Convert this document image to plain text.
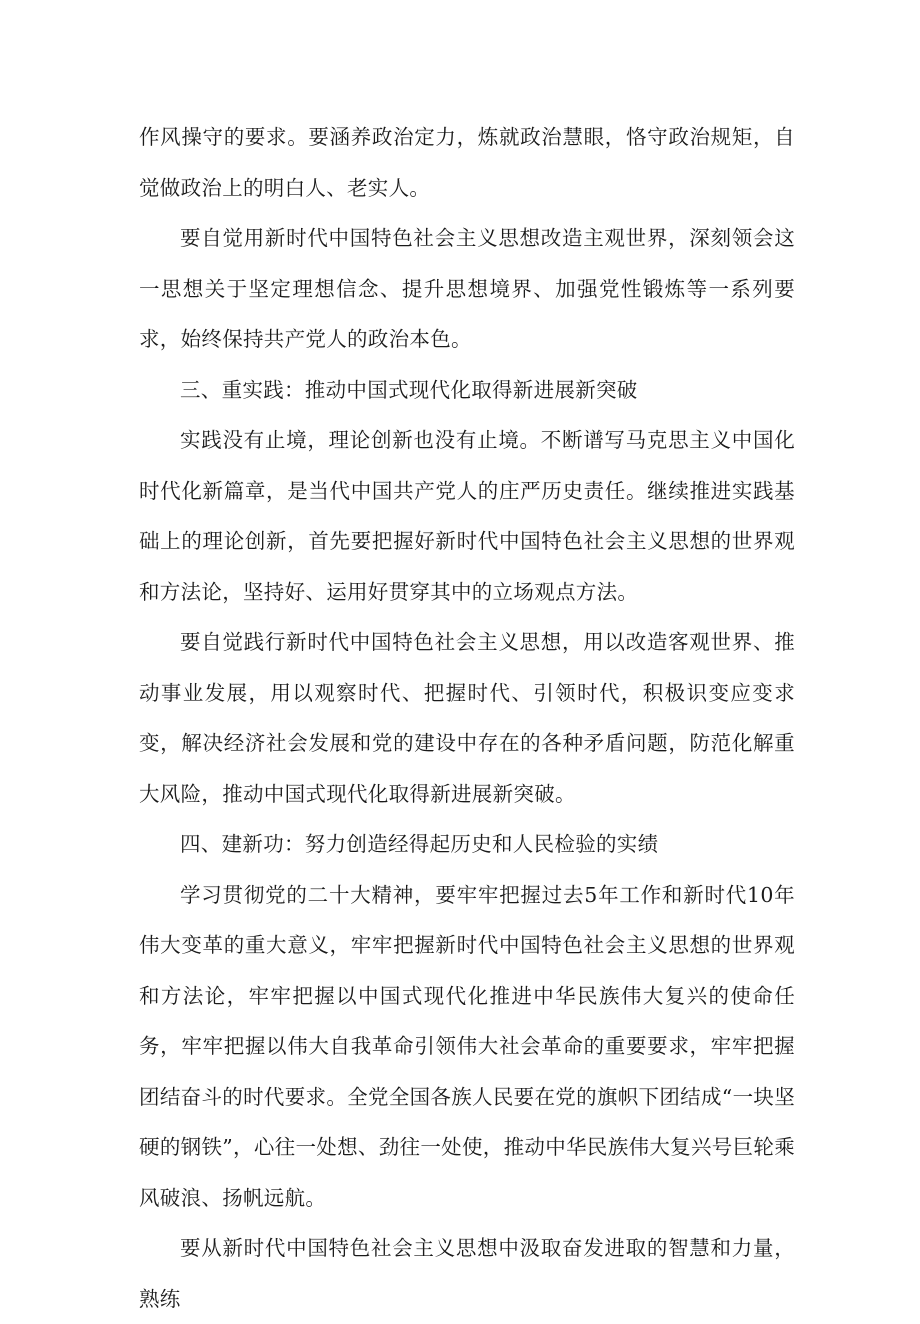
作风操守的要求。要涵养政治定力，炼就政治慧眼，恪守政治规矩，自觉做政治上的明白人、老实人。

要自觉用新时代中国特色社会主义思想改造主观世界，深刻领会这一思想关于坚定理想信念、提升思想境界、加强党性锻炼等一系列要求，始终保持共产党人的政治本色。

三、重实践：推动中国式现代化取得新进展新突破

实践没有止境，理论创新也没有止境。不断谱写马克思主义中国化时代化新篇章，是当代中国共产党人的庄严历史责任。继续推进实践基础上的理论创新，首先要把握好新时代中国特色社会主义思想的世界观和方法论，坚持好、运用好贯穿其中的立场观点方法。

要自觉践行新时代中国特色社会主义思想，用以改造客观世界、推动事业发展，用以观察时代、把握时代、引领时代，积极识变应变求变，解决经济社会发展和党的建设中存在的各种矛盾问题，防范化解重大风险，推动中国式现代化取得新进展新突破。

四、建新功：努力创造经得起历史和人民检验的实绩

学习贯彻党的二十大精神，要牢牢把握过去5年工作和新时代10年伟大变革的重大意义，牢牢把握新时代中国特色社会主义思想的世界观和方法论，牢牢把握以中国式现代化推进中华民族伟大复兴的使命任务，牢牢把握以伟大自我革命引领伟大社会革命的重要要求，牢牢把握团结奋斗的时代要求。全党全国各族人民要在党的旗帜下团结成“一块坚硬的钢铁”，心往一处想、劲往一处使，推动中华民族伟大复兴号巨轮乘风破浪、扬帆远航。

要从新时代中国特色社会主义思想中汲取奋发进取的智慧和力量，熟练
